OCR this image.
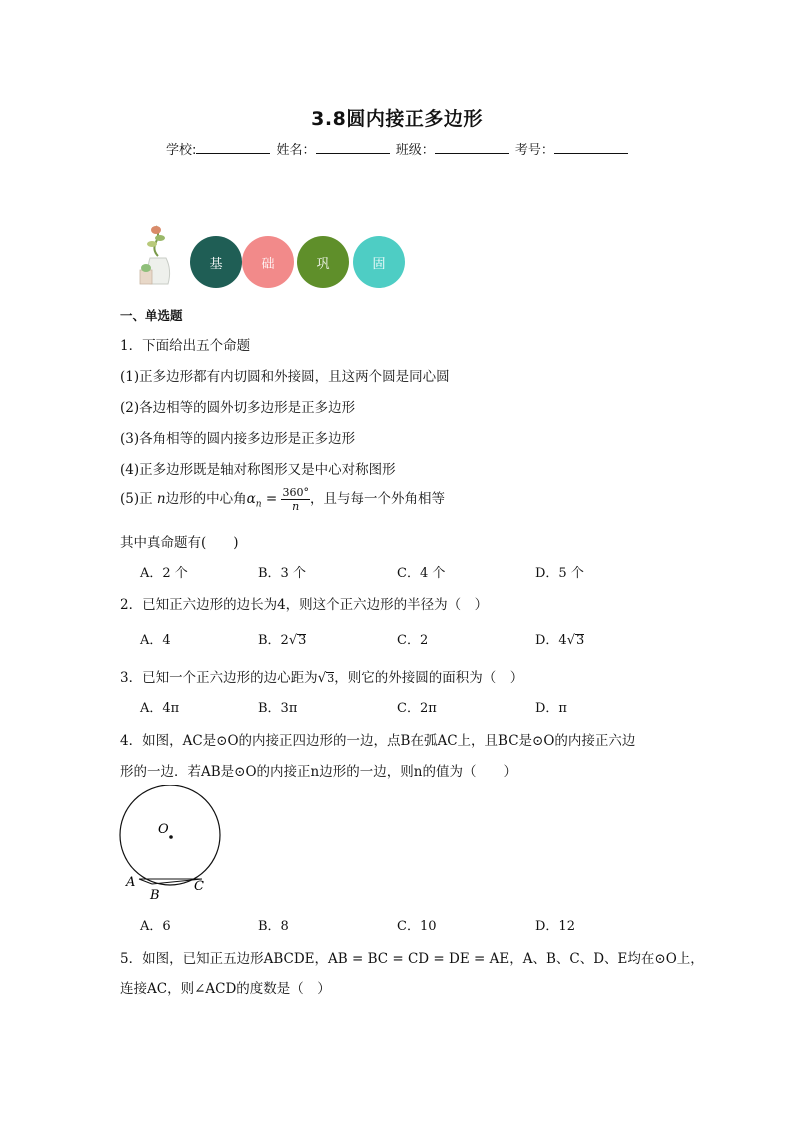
3.8圆内接正多边形
学校:	姓名：	班级：	考号：
基	础	巩	固
一、单选题
1．下面给出五个命题
(1)正多边形都有内切圆和外接圆，且这两个圆是同心圆
(2)各边相等的圆外切多边形是正多边形
(3)各角相等的圆内接多边形是正多边形
(4)正多边形既是轴对称图形又是中心对称图形
(5)正 n边形的中心角$\alpha_n = \frac{360^\circ}{n}$ ，且与每一个外角相等
其中真命题有(　　)
A．2 个	B．3 个	C．4 个	D．5 个
2．已知正六边形的边长为4，则这个正六边形的半径为（　）
A．4	B．2√3	C．2	D．4√3
3．已知一个正六边形的边心距为√3，则它的外接圆的面积为（　）
A．4π	B．3π	C．2π	D．π
4．如图，AC是⊙O的内接正四边形的一边，点B在弧AC上，且BC是⊙O的内接正六边
形的一边．若AB是⊙O的内接正n边形的一边，则n的值为（　　）
O
A
B
C
A．6	B．8	C．10	D．12
5．如图，已知正五边形ABCDE，AB = BC = CD = DE = AE，A、B、C、D、E均在⊙O上，
连接AC，则∠ACD的度数是（　）
